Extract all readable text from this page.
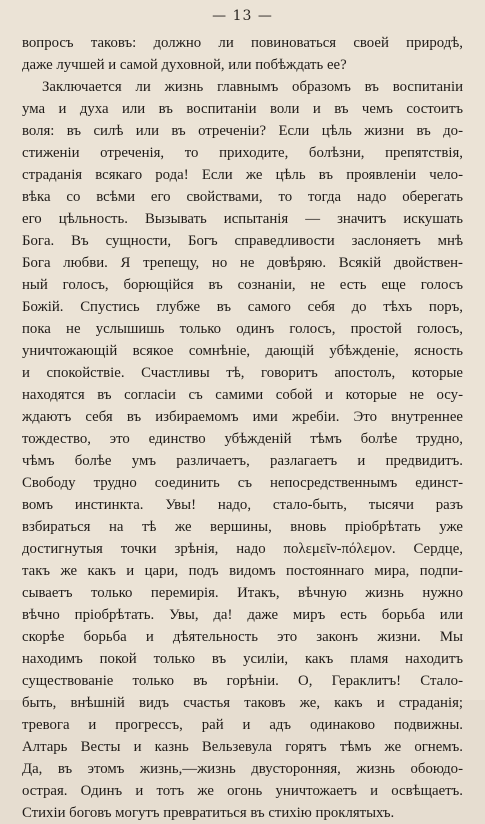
— 13 —
вопросъ таковъ: должно ли повиноваться своей природѣ,
даже лучшей и самой духовной, или побѣждать ее?
Заключается ли жизнь главнымъ образомъ въ воспитаніи
ума и духа или въ воспитаніи воли и въ чемъ состоитъ
воля: въ силѣ или въ отреченіи? Если цѣль жизни въ до-
стиженіи отреченія, то приходите, болѣзни, препятствія,
страданія всякаго рода! Если же цѣль въ проявленіи чело-
вѣка со всѣми его свойствами, то тогда надо оберегать
его цѣльность. Вызывать испытанія — значитъ искушать
Бога. Въ сущности, Богъ справедливости заслоняетъ мнѣ
Бога любви. Я трепещу, но не довѣряю. Всякій двойствен-
ный голосъ, борющійся въ сознаніи, не есть еще голосъ
Божій. Спустись глубже въ самого себя до тѣхъ поръ,
пока не услышишь только одинъ голосъ, простой голосъ,
уничтожающій всякое сомнѣніе, дающій убѣжденіе, ясность
и спокойствіе. Счастливы тѣ, говоритъ апостолъ, которые
находятся въ согласіи съ самими собой и которые не осу-
ждаютъ себя въ избираемомъ ими жребіи. Это внутреннее
тождество, это единство убѣжденій тѣмъ болѣе трудно,
чѣмъ болѣе умъ различаетъ, разлагаетъ и предвидитъ.
Свободу трудно соединить съ непосредственнымъ единст-
вомъ инстинкта. Увы! надо, стало-быть, тысячи разъ
взбираться на тѣ же вершины, вновь пріобрѣтать уже
достигнутыя точки зрѣнія, надо πολεμεῖν-πόλεμον. Сердце,
такъ же какъ и цари, подъ видомъ постояннаго мира, подпи-
сываетъ только перемирія. Итакъ, вѣчную жизнь нужно
вѣчно пріобрѣтать. Увы, да! даже миръ есть борьба или
скорѣе борьба и дѣятельность это законъ жизни. Мы
находимъ покой только въ усиліи, какъ пламя находитъ
существованіе только въ горѣніи. О, Гераклитъ! Стало-
быть, внѣшній видъ счастья таковъ же, какъ и страданія;
тревога и прогрессъ, рай и адъ одинаково подвижны.
Алтарь Весты и казнь Вельзевула горятъ тѣмъ же огнемъ.
Да, въ этомъ жизнь,—жизнь двусторонняя, жизнь обоюдо-
острая. Одинъ и тотъ же огонь уничтожаетъ и освѣщаетъ.
Стихіи боговъ могутъ превратиться въ стихію проклятыхъ.
